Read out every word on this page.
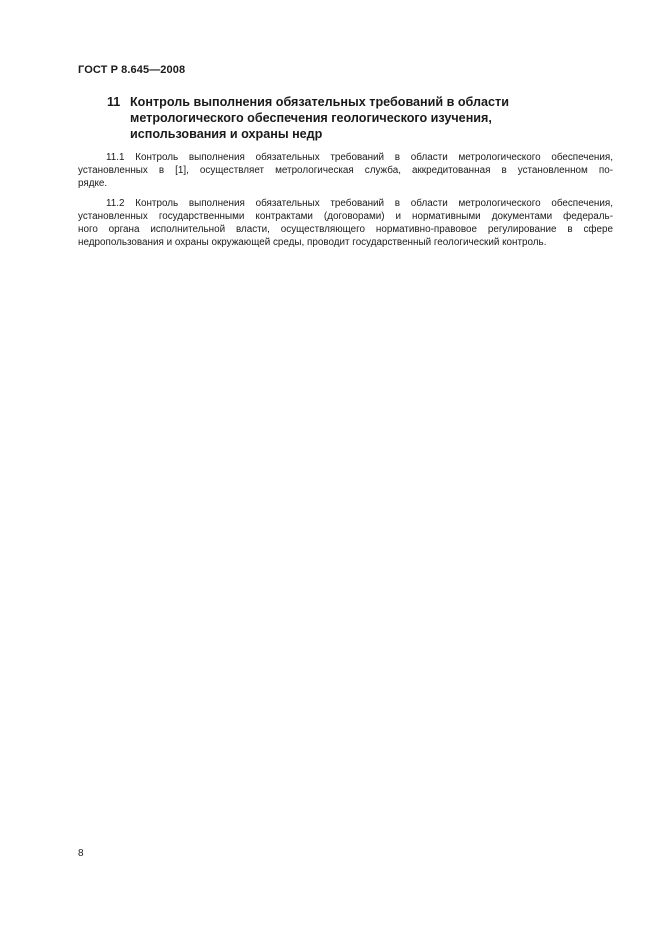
ГОСТ Р 8.645—2008
11 Контроль выполнения обязательных требований в области
метрологического обеспечения геологического изучения,
использования и охраны недр
11.1 Контроль выполнения обязательных требований в области метрологического обеспечения,
установленных в [1], осуществляет метрологическая служба, аккредитованная в установленном по-
рядке.
11.2 Контроль выполнения обязательных требований в области метрологического обеспечения,
установленных государственными контрактами (договорами) и нормативными документами федераль-
ного органа исполнительной власти, осуществляющего нормативно-правовое регулирование в сфере
недропользования и охраны окружающей среды, проводит государственный геологический контроль.
8
